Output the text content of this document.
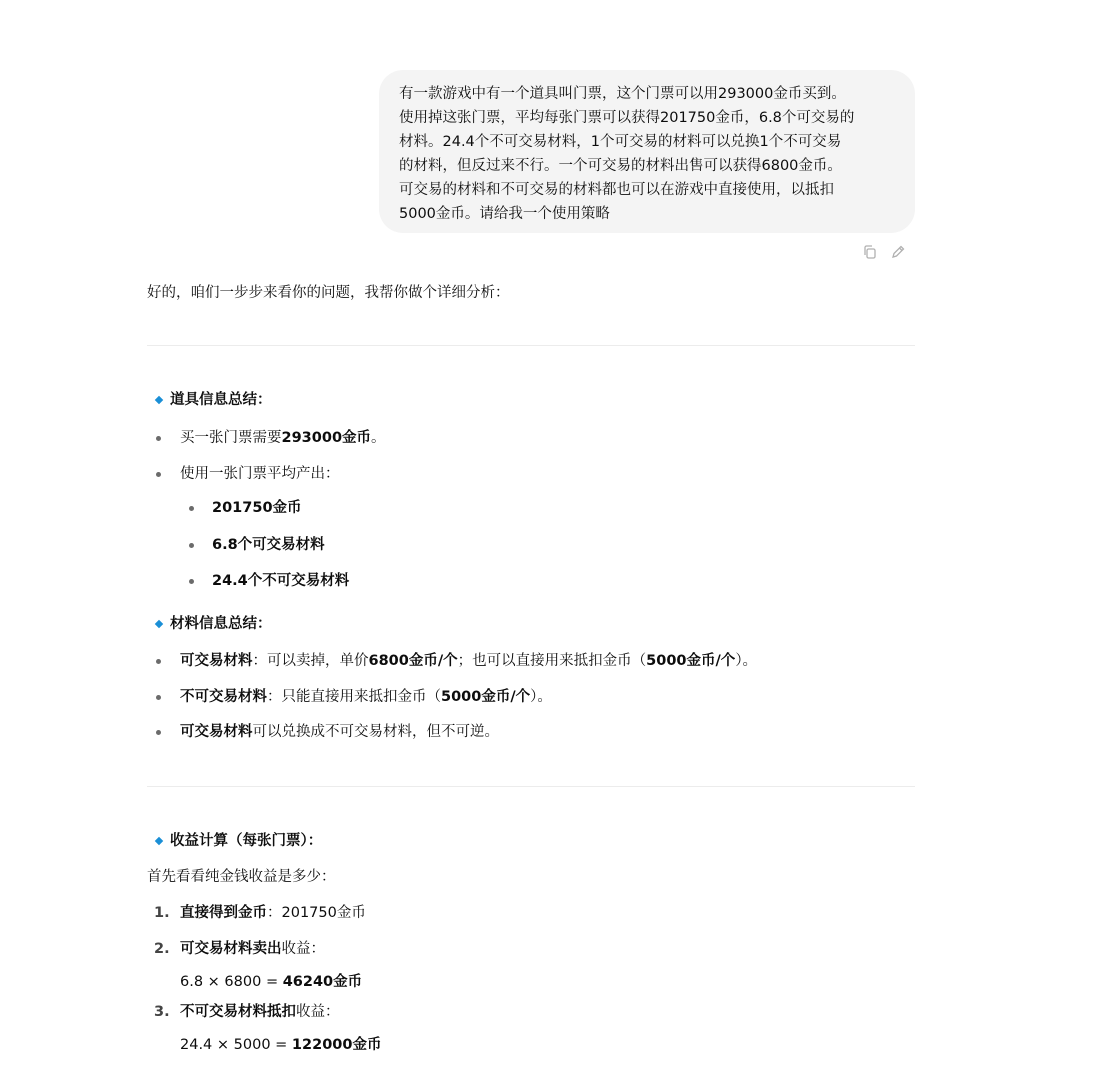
有一款游戏中有一个道具叫门票，这个门票可以用293000金币买到。
使用掉这张门票，平均每张门票可以获得201750金币，6.8个可交易的
材料。24.4个不可交易材料，1个可交易的材料可以兑换1个不可交易
的材料，但反过来不行。一个可交易的材料出售可以获得6800金币。
可交易的材料和不可交易的材料都也可以在游戏中直接使用，以抵扣
5000金币。请给我一个使用策略
好的，咱们一步步来看你的问题，我帮你做个详细分析：
道具信息总结：
买一张门票需要293000金币。
使用一张门票平均产出：
201750金币
6.8个可交易材料
24.4个不可交易材料
材料信息总结：
可交易材料：可以卖掉，单价6800金币/个；也可以直接用来抵扣金币（5000金币/个）。
不可交易材料：只能直接用来抵扣金币（5000金币/个）。
可交易材料可以兑换成不可交易材料，但不可逆。
收益计算（每张门票）：
首先看看纯金钱收益是多少：
1. 直接得到金币：201750金币
2. 可交易材料卖出收益：
6.8 × 6800 = 46240金币
3. 不可交易材料抵扣收益：
24.4 × 5000 = 122000金币
